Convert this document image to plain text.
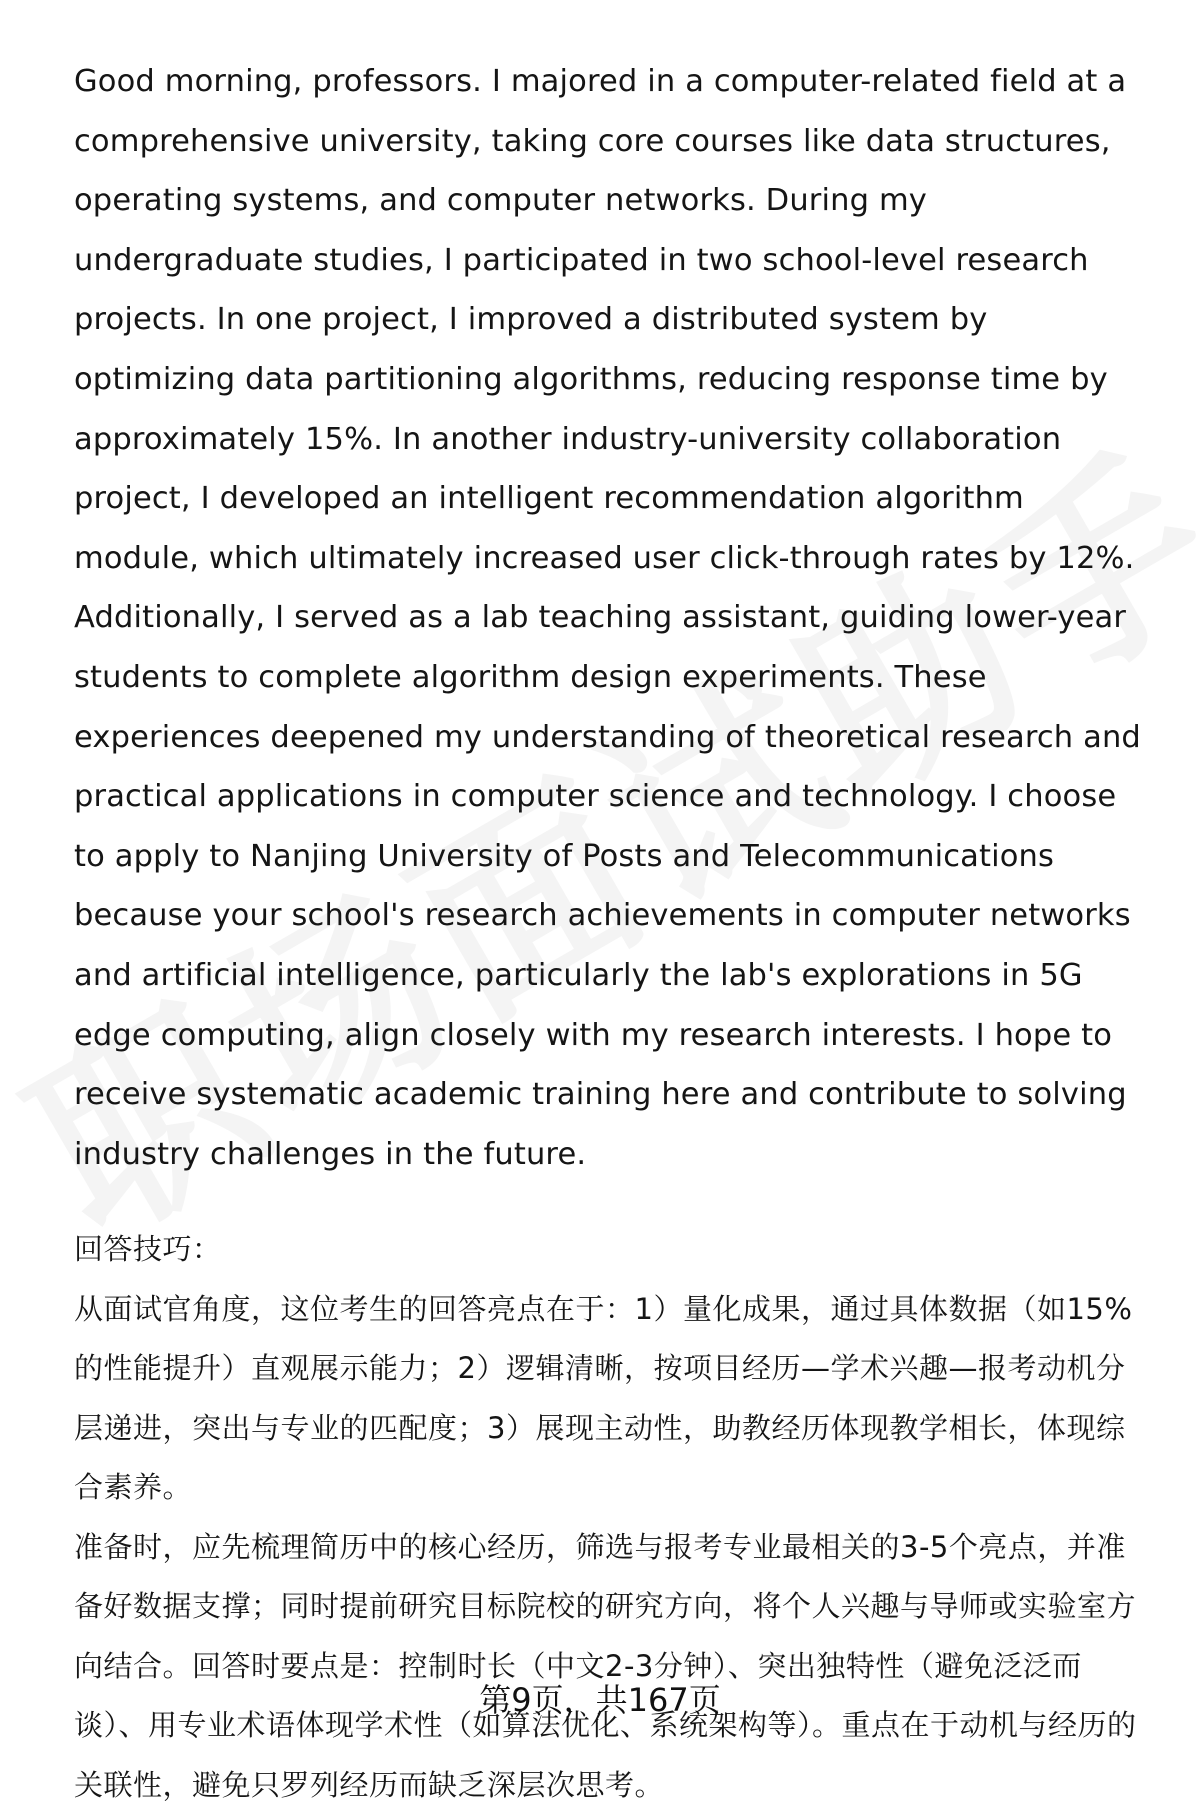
Good morning, professors. I majored in a computer-related field at a comprehensive university, taking core courses like data structures, operating systems, and computer networks. During my undergraduate studies, I participated in two school-level research projects. In one project, I improved a distributed system by optimizing data partitioning algorithms, reducing response time by approximately 15%. In another industry-university collaboration project, I developed an intelligent recommendation algorithm module, which ultimately increased user click-through rates by 12%. Additionally, I served as a lab teaching assistant, guiding lower-year students to complete algorithm design experiments. These experiences deepened my understanding of theoretical research and practical applications in computer science and technology. I choose to apply to Nanjing University of Posts and Telecommunications because your school's research achievements in computer networks and artificial intelligence, particularly the lab's explorations in 5G edge computing, align closely with my research interests. I hope to receive systematic academic training here and contribute to solving industry challenges in the future.

回答技巧：

从面试官角度，这位考生的回答亮点在于：1）量化成果，通过具体数据（如15%的性能提升）直观展示能力；2）逻辑清晰，按项目经历—学术兴趣—报考动机分层递进，突出与专业的匹配度；3）展现主动性，助教经历体现教学相长，体现综合素养。

准备时，应先梳理简历中的核心经历，筛选与报考专业最相关的3-5个亮点，并准备好数据支撑；同时提前研究目标院校的研究方向，将个人兴趣与导师或实验室方向结合。回答时要点是：控制时长（中文2-3分钟）、突出独特性（避免泛泛而谈）、用专业术语体现学术性（如算法优化、系统架构等）。重点在于动机与经历的关联性，避免只罗列经历而缺乏深层次思考。

第9页，共167页
